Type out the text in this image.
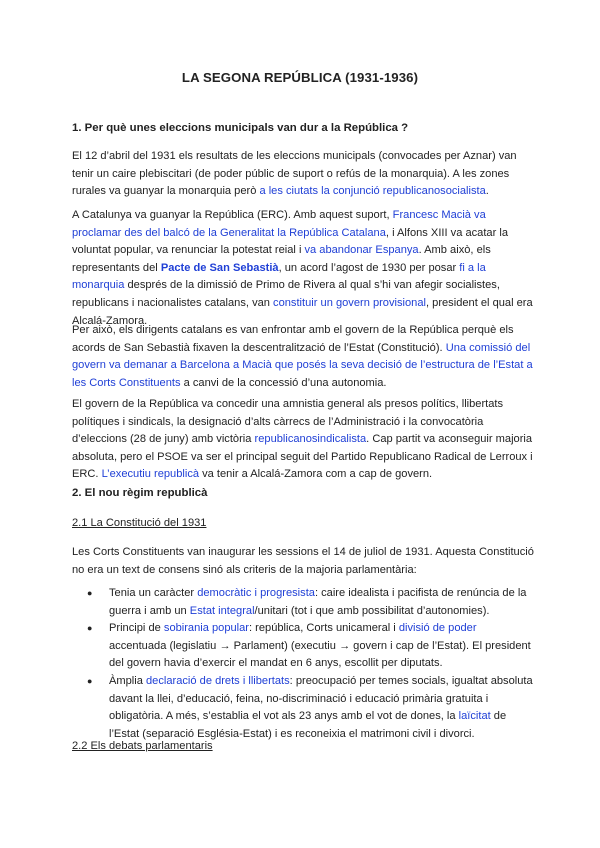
LA SEGONA REPÚBLICA (1931-1936)
1. Per què unes eleccions municipals van dur a la República ?
El 12 d’abril del 1931 els resultats de les eleccions municipals (convocades per Aznar) van tenir un caire plebiscitari (de poder públic de suport o refús de la monarquia). A les zones rurales va guanyar la monarquia però a les ciutats la conjunció republicanosocialista.
A Catalunya va guanyar la República (ERC). Amb aquest suport, Francesc Macià va proclamar des del balcó de la Generalitat la República Catalana, i Alfons XIII va acatar la voluntat popular, va renunciar la potestat reial i va abandonar Espanya. Amb això, els representants del Pacte de San Sebastià, un acord l’agost de 1930 per posar fi a la monarquia després de la dimissió de Primo de Rivera al qual s’hi van afegir socialistes, republicans i nacionalistes catalans, van constituir un govern provisional, president el qual era Alcalá-Zamora.
Per això, els dirigents catalans es van enfrontar amb el govern de la República perquè els acords de San Sebastià fixaven la descentralització de l’Estat (Constitució). Una comissió del govern va demanar a Barcelona a Macià que posés la seva decisió de l’estructura de l’Estat a les Corts Constituents a canvi de la concessió d’una autonomia.
El govern de la República va concedir una amnistia general als presos polítics, llibertats polítiques i sindicals, la designació d’alts càrrecs de l’Administració i la convocatòria d’eleccions (28 de juny) amb victòria republicanosindicalista. Cap partit va aconseguir majoria absoluta, pero el PSOE va ser el principal seguit del Partido Republicano Radical de Lerroux i ERC. L’executiu republicà va tenir a Alcalá-Zamora com a cap de govern.
2. El nou règim republicà
2.1 La Constitució del 1931
Les Corts Constituents van inaugurar les sessions el 14 de juliol de 1931. Aquesta Constitució no era un text de consens sinó als criteris de la majoria parlamentària:
● Tenia un caràcter democràtic i progresista: caire idealista i pacifista de renúncia de la guerra i amb un Estat integral/unitari (tot i que amb possibilitat d’autonomies).
● Principi de sobirania popular: república, Corts unicameral i divisió de poder accentuada (legislatiu → Parlament) (executiu → govern i cap de l’Estat). El president del govern havia d’exercir el mandat en 6 anys, escollit per diputats.
● Àmplia declaració de drets i llibertats: preocupació per temes socials, igualtat absoluta davant la llei, d’educació, feina, no-discriminació i educació primària gratuita i obligatòria. A més, s’establia el vot als 23 anys amb el vot de dones, la laïcitat de l’Estat (separació Església-Estat) i es reconeixia el matrimoni civil i divorci.
2.2 Els debats parlamentaris
